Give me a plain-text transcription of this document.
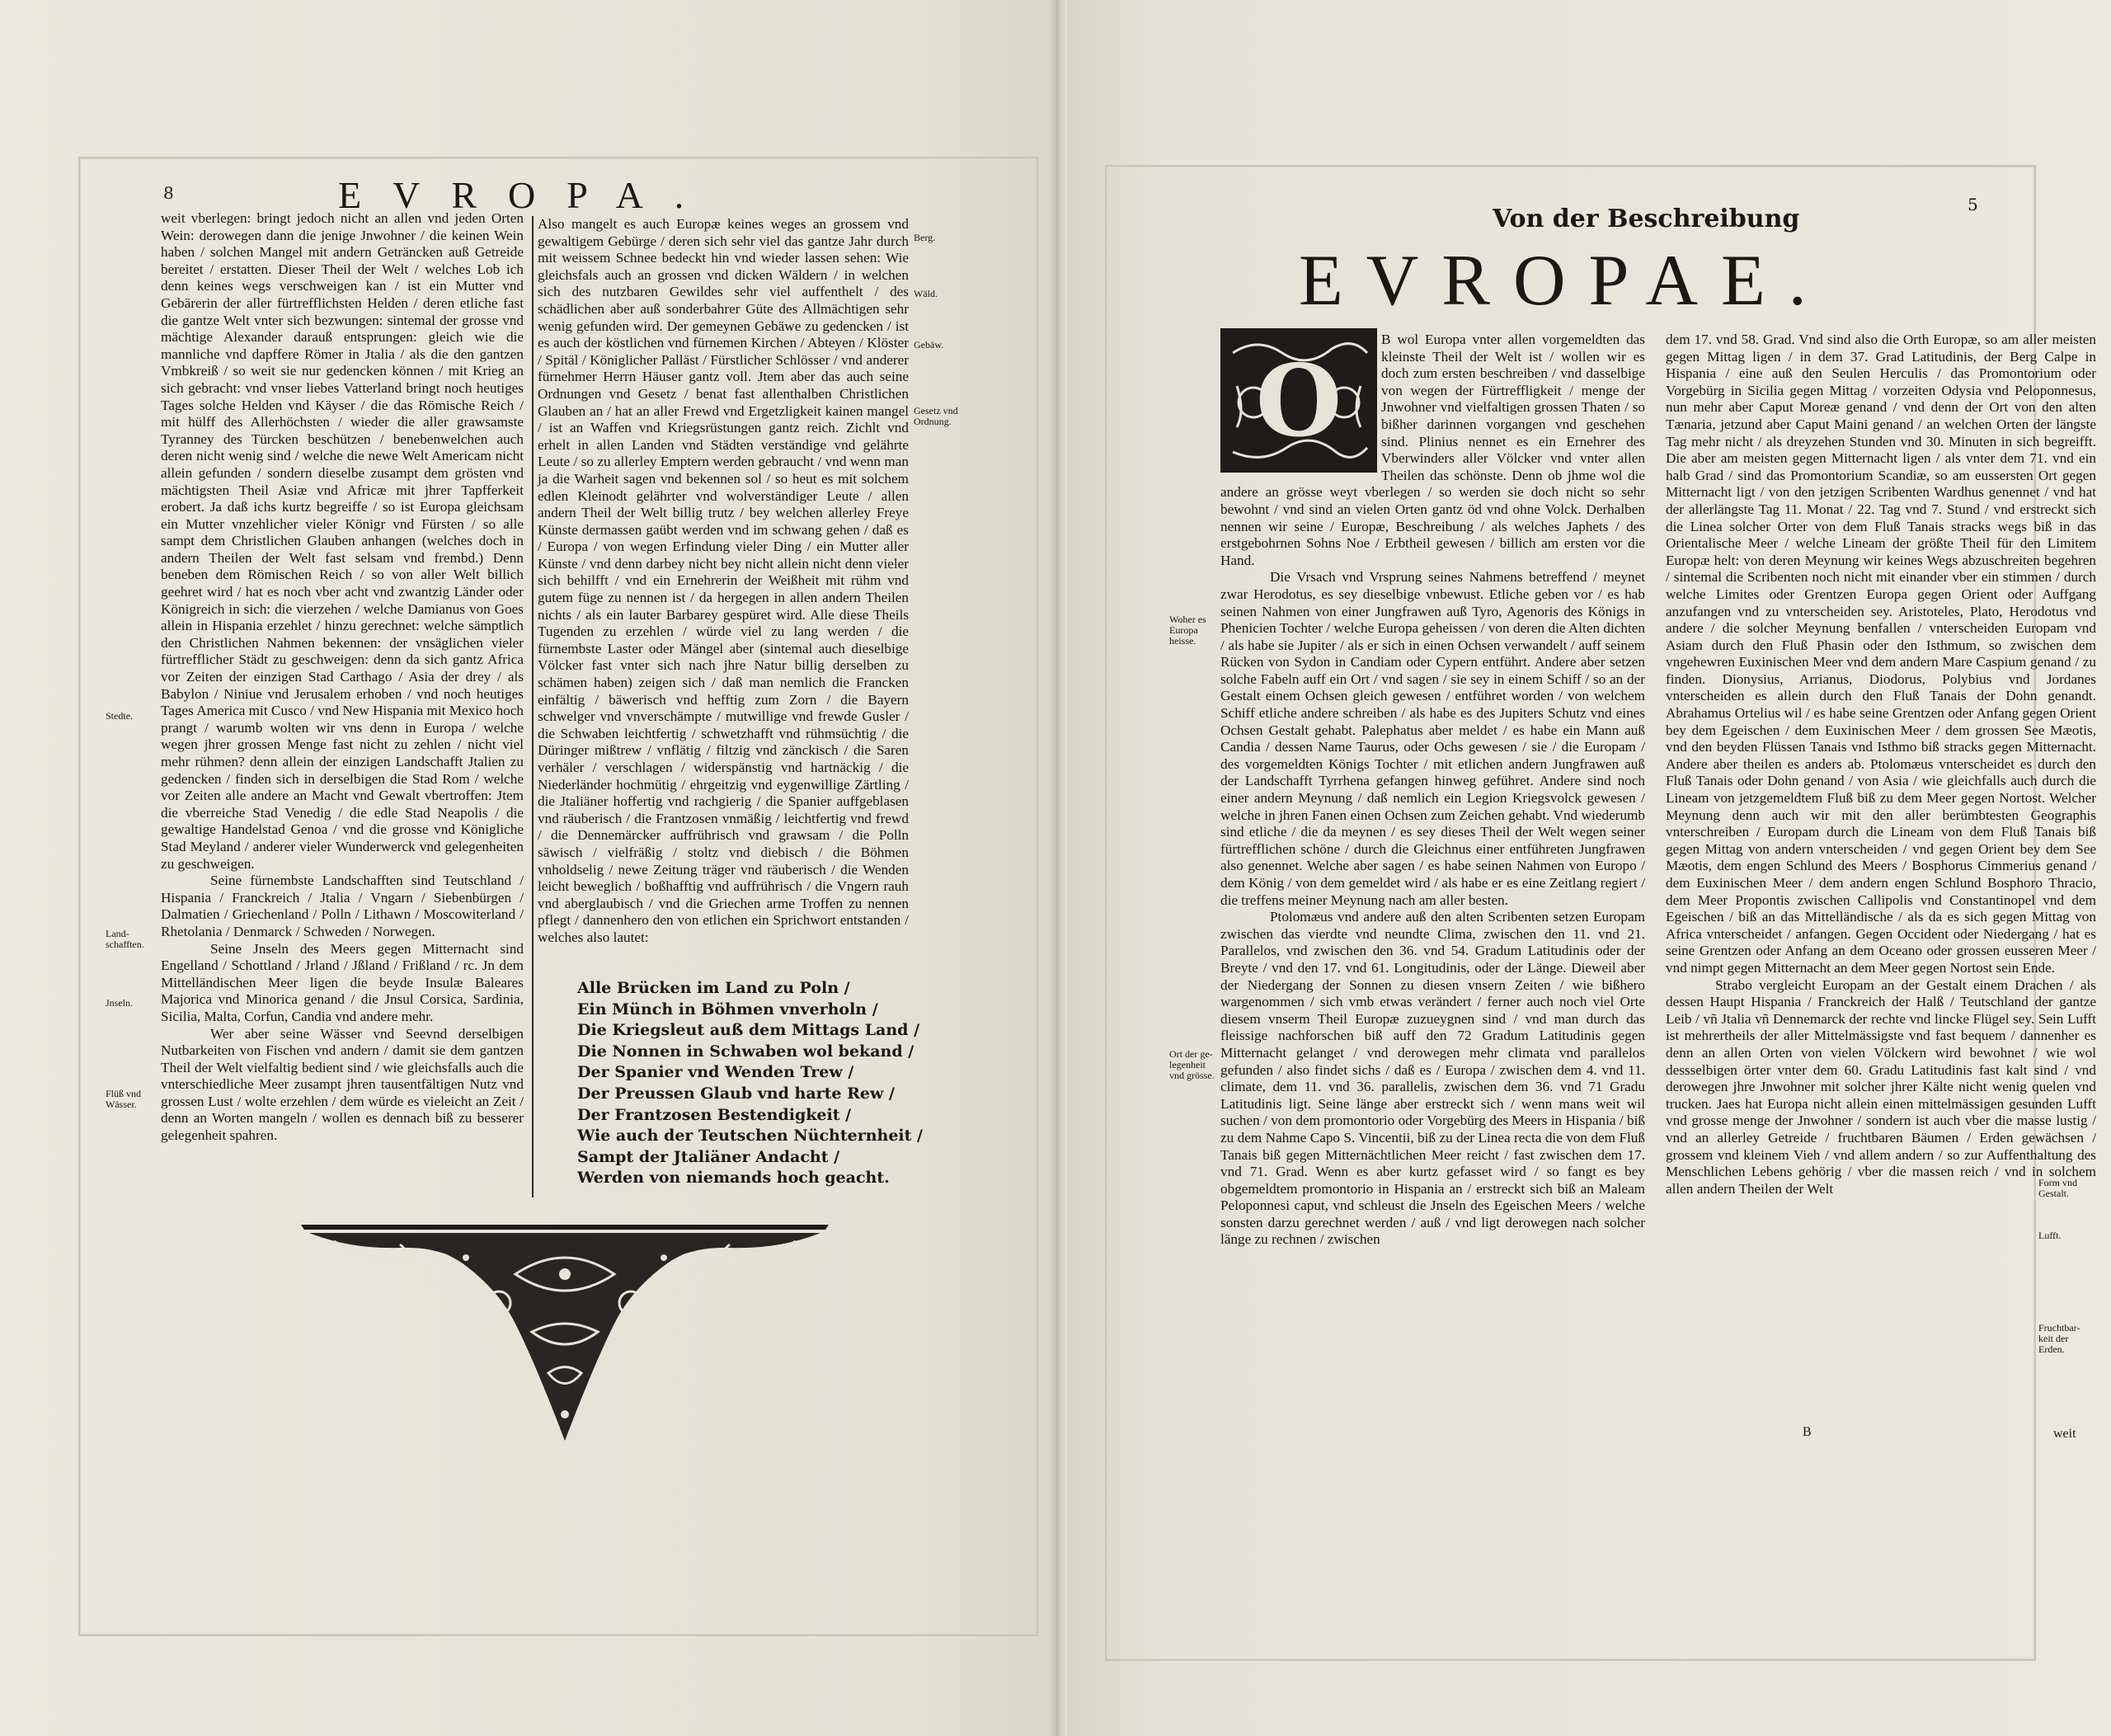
8	EVROPA.

weit vberlegen: bringt jedoch nicht an allen vnd jeden Orten Wein: derowegen dann die jenige Jnwohner / die keinen Wein haben / solchen Mangel mit andern Geträncken auß Getreide bereitet / erstatten. Dieser Theil der Welt / welches Lob ich denn keines wegs verschweigen kan / ist ein Mutter vnd Gebärerin der aller fürtrefflichsten Helden / deren etliche fast die gantze Welt vnter sich bezwungen: sintemal der grosse vnd mächtige Alexander darauß entsprungen: gleich wie die mannliche vnd dapffere Römer in Jtalia / als die den gantzen Vmbkreiß / so weit sie nur gedencken können / mit Krieg an sich gebracht: vnd vnser liebes Vatterland bringt noch heutiges Tages solche Helden vnd Käyser / die das Römische Reich / mit hülff des Allerhöchsten / wieder die aller grawsamste Tyranney des Türcken beschützen / benebenwelchen auch deren nicht wenig sind / welche die newe Welt Americam nicht allein gefunden / sondern dieselbe zusampt dem grösten vnd mächtigsten Theil Asiæ vnd Africæ mit jhrer Tapfferkeit erobert. Ja daß ichs kurtz begreiffe / so ist Europa gleichsam ein Mutter vnzehlicher vieler Königr vnd Fürsten / so alle sampt dem Christlichen Glauben anhangen (welches doch in andern Theilen der Welt fast selsam vnd frembd.) Denn beneben dem Römischen Reich / so von aller Welt billich geehret wird / hat es noch vber acht vnd zwantzig Länder oder Königreich in sich: die vierzehen / welche Damianus von Goes allein in Hispania erzehlet / hinzu gerechnet: welche sämptlich den Christlichen Nahmen bekennen: der vnsäglichen vieler fürtrefflicher Städt zu geschweigen: denn da sich gantz Africa vor Zeiten der einzigen Stad Carthago / Asia der drey / als Babylon / Niniue vnd Jerusalem erhoben / vnd noch heutiges Tages America mit Cusco / vnd New Hispania mit Mexico hoch prangt / warumb wolten wir vns denn in Europa / welche wegen jhrer grossen Menge fast nicht zu zehlen / nicht viel mehr rühmen? denn allein der einzigen Landschafft Jtalien zu gedencken / finden sich in derselbigen die Stad Rom / welche vor Zeiten alle andere an Macht vnd Gewalt vbertroffen: Jtem die vberreiche Stad Venedig / die edle Stad Neapolis / die gewaltige Handelstad Genoa / vnd die grosse vnd Königliche Stad Meyland / anderer vieler Wunderwerck vnd gelegenheiten zu geschweigen.

Seine fürnembste Landschafften sind Teutschland / Hispania / Franckreich / Jtalia / Vngarn / Siebenbürgen / Dalmatien / Griechenland / Polln / Lithawn / Moscowiterland / Rhetolania / Denmarck / Schweden / Norwegen.

Seine Jnseln des Meers gegen Mitternacht sind Engelland / Schottland / Jrland / Jßland / Frißland / rc. Jn dem Mittelländischen Meer ligen die beyde Insulæ Baleares Majorica vnd Minorica genand / die Jnsul Corsica, Sardinia, Sicilia, Malta, Corfun, Candia vnd andere mehr.

Wer aber seine Wässer vnd Seevnd derselbigen Nutbarkeiten von Fischen vnd andern / damit sie dem gantzen Theil der Welt vielfaltig bedient sind / wie gleichsfalls auch die vnterschiedliche Meer zusampt jhren tausentfältigen Nutz vnd grossen Lust / wolte erzehlen / dem würde es vieleicht an Zeit / denn an Worten mangeln / wollen es dennach biß zu besserer gelegenheit spahren.

Also mangelt es auch Europæ keines weges an grossem vnd gewaltigem Gebürge / deren sich sehr viel das gantze Jahr durch mit weissem Schnee bedeckt hin vnd wieder lassen sehen: Wie gleichsfals auch an grossen vnd dicken Wäldern / in welchen sich des nutzbaren Gewildes sehr viel auffenthelt / des schädlichen aber auß sonderbahrer Güte des Allmächtigen sehr wenig gefunden wird. Der gemeynen Gebäwe zu gedencken / ist es auch der köstlichen vnd fürnemen Kirchen / Abteyen / Klöster / Spitäl / Königlicher Palläst / Fürstlicher Schlösser / vnd anderer fürnehmer Herrn Häuser gantz voll. Jtem aber das auch seine Ordnungen vnd Gesetz / benat fast allenthalben Christlichen Glauben an / hat an aller Frewd vnd Ergetzligkeit kainen mangel / ist an Waffen vnd Kriegsrüstungen gantz reich. Zichlt vnd erhelt in allen Landen vnd Städten verständige vnd gelährte Leute / so zu allerley Emptern werden gebraucht / vnd wenn man ja die Warheit sagen vnd bekennen sol / so heut es mit solchem edlen Kleinodt gelährter vnd wolverständiger Leute / allen andern Theil der Welt billig trutz / bey welchen allerley Freye Künste dermassen gaübt werden vnd im schwang gehen / daß es / Europa / von wegen Erfindung vieler Ding / ein Mutter aller Künste / vnd denn darbey nicht bey nicht allein nicht denn vieler sich behilfft / vnd ein Ernehrerin der Weißheit mit rühm vnd gutem füge zu nennen ist / da hergegen in allen andern Theilen nichts / als ein lauter Barbarey gespüret wird. Alle diese Theils Tugenden zu erzehlen / würde viel zu lang werden / die fürnembste Laster oder Mängel aber (sintemal auch dieselbige Völcker fast vnter sich nach jhre Natur billig derselben zu schämen haben) zeigen sich / daß man nemlich die Francken einfältig / bäwerisch vnd hefftig zum Zorn / die Bayern schwelger vnd vnverschämpte / mutwillige vnd frewde Gusler / die Schwaben leichtfertig / schwetzhafft vnd rühmsüchtig / die Düringer mißtrew / vnflätig / filtzig vnd zänckisch / die Saren verhäler / verschlagen / widerspänstig vnd hartnäckig / die Niederländer hochmütig / ehrgeitzig vnd eygenwillige Zärtling / die Jtaliäner hoffertig vnd rachgierig / die Spanier auffgeblasen vnd räuberisch / die Frantzosen vnmäßig / leichtfertig vnd frewd / die Dennemärcker auffrührisch vnd grawsam / die Polln säwisch / vielfräßig / stoltz vnd diebisch / die Böhmen vnholdselig / newe Zeitung träger vnd räuberisch / die Wenden leicht beweglich / boßhafftig vnd auffrührisch / die Vngern rauh vnd aberglaubisch / vnd die Griechen arme Troffen zu nennen pflegt / dannenhero den von etlichen ein Sprichwort entstanden / welches also lautet:

Stedte.
Land-
schafften.
Jnseln.
Flüß vnd
Wässer.
Berg.
Wäld.
Gebäw.
Gesetz vnd
Ordnung.
Alle Brücken im Land zu Poln /
Ein Münch in Böhmen vnverholn /
Die Kriegsleut auß dem Mittags Land /
Die Nonnen in Schwaben wol bekand /
Der Spanier vnd Wenden Trew /
Der Preussen Glaub vnd harte Rew /
Der Frantzosen Bestendigkeit /
Wie auch der Teutschen Nüchternheit /
Sampt der Jtaliäner Andacht /
Werden von niemands hoch geacht.
5
Von der Beschreibung
EVROPAE.
O

B wol Europa vnter allen vorgemeldten das kleinste Theil der Welt ist / wollen wir es doch zum ersten beschreiben / vnd dasselbige von wegen der Fürtreffligkeit / menge der Jnwohner vnd vielfaltigen grossen Thaten / so bißher darinnen vorgangen vnd geschehen sind. Plinius nennet es ein Ernehrer des Vberwinders aller Völcker vnd vnter allen Theilen das schönste. Denn ob jhme wol die andere an grösse weyt vberlegen / so werden sie doch nicht so sehr bewohnt / vnd sind an vielen Orten gantz öd vnd ohne Volck. Derhalben nennen wir seine / Europæ, Beschreibung / als welches Japhets / des erstgebohrnen Sohns Noe / Erbtheil gewesen / billich am ersten vor die Hand.

Die Vrsach vnd Vrsprung seines Nahmens betreffend / meynet zwar Herodotus, es sey dieselbige vnbewust. Etliche geben vor / es hab seinen Nahmen von einer Jungfrawen auß Tyro, Agenoris des Königs in Phenicien Tochter / welche Europa geheissen / von deren die Alten dichten / als habe sie Jupiter / als er sich in einen Ochsen verwandelt / auff seinem Rücken von Sydon in Candiam oder Cypern entführt. Andere aber setzen solche Fabeln auff ein Ort / vnd sagen / sie sey in einem Schiff / so an der Gestalt einem Ochsen gleich gewesen / entführet worden / von welchem Schiff etliche andere schreiben / als habe es des Jupiters Schutz vnd eines Ochsen Gestalt gehabt. Palephatus aber meldet / es habe ein Mann auß Candia / dessen Name Taurus, oder Ochs gewesen / sie / die Europam / des vorgemeldten Königs Tochter / mit etlichen andern Jungfrawen auß der Landschafft Tyrrhena gefangen hinweg geführet. Andere sind noch einer andern Meynung / daß nemlich ein Legion Kriegsvolck gewesen / welche in jhren Fanen einen Ochsen zum Zeichen gehabt. Vnd wiederumb sind etliche / die da meynen / es sey dieses Theil der Welt wegen seiner fürtrefflichen schöne / durch die Gleichnus einer entführeten Jungfrawen also genennet. Welche aber sagen / es habe seinen Nahmen von Europo / dem König / von dem gemeldet wird / als habe er es eine Zeitlang regiert / die treffens meiner Meynung nach am aller besten.

Ptolomæus vnd andere auß den alten Scribenten setzen Europam zwischen das vierdte vnd neundte Clima, zwischen den 11. vnd 21. Parallelos, vnd zwischen den 36. vnd 54. Gradum Latitudinis oder der Breyte / vnd den 17. vnd 61. Longitudinis, oder der Länge. Dieweil aber der Niedergang der Sonnen zu diesen vnsern Zeiten / wie bißhero wargenommen / sich vmb etwas verändert / ferner auch noch viel Orte diesem vnserm Theil Europæ zuzueygnen sind / vnd man durch das fleissige nachforschen biß auff den 72 Gradum Latitudinis gegen Mitternacht gelanget / vnd derowegen mehr climata vnd parallelos gefunden / also findet sichs / daß es / Europa / zwischen dem 4. vnd 11. climate, dem 11. vnd 36. parallelis, zwischen dem 36. vnd 71 Gradu Latitudinis ligt. Seine länge aber erstreckt sich / wenn mans weit wil suchen / von dem promontorio oder Vorgebürg des Meers in Hispania / biß zu dem Nahme Capo S. Vincentii, biß zu der Linea recta die von dem Fluß Tanais biß gegen Mitternächtlichen Meer reicht / fast zwischen dem 17. vnd 71. Grad. Wenn es aber kurtz gefasset wird / so fangt es bey obgemeldtem promontorio in Hispania an / erstreckt sich biß an Maleam Peloponnesi caput, vnd schleust die Jnseln des Egeischen Meers / welche sonsten darzu gerechnet werden / auß / vnd ligt derowegen nach solcher länge zu rechnen / zwischen

dem 17. vnd 58. Grad. Vnd sind also die Orth Europæ, so am aller meisten gegen Mittag ligen / in dem 37. Grad Latitudinis, der Berg Calpe in Hispania / eine auß den Seulen Herculis / das Promontorium oder Vorgebürg in Sicilia gegen Mittag / vorzeiten Odysia vnd Peloponnesus, nun mehr aber Caput Moreæ genand / vnd denn der Ort von den alten Tænaria, jetzund aber Caput Maini genand / an welchen Orten der längste Tag mehr nicht / als dreyzehen Stunden vnd 30. Minuten in sich begreifft. Die aber am meisten gegen Mitternacht ligen / als vnter dem 71. vnd ein halb Grad / sind das Promontorium Scandiæ, so am eussersten Ort gegen Mitternacht ligt / von den jetzigen Scribenten Wardhus genennet / vnd hat der allerlängste Tag 11. Monat / 22. Tag vnd 7. Stund / vnd erstreckt sich die Linea solcher Orter von dem Fluß Tanais stracks wegs biß in das Orientalische Meer / welche Lineam der größte Theil für den Limitem Europæ helt: von deren Meynung wir keines Wegs abzuschreiten begehren / sintemal die Scribenten noch nicht mit einander vber ein stimmen / durch welche Limites oder Grentzen Europa gegen Orient oder Auffgang anzufangen vnd zu vnterscheiden sey. Aristoteles, Plato, Herodotus vnd andere / die solcher Meynung benfallen / vnterscheiden Europam vnd Asiam durch den Fluß Phasin oder den Isthmum, so zwischen dem vngehewren Euxinischen Meer vnd dem andern Mare Caspium genand / zu finden. Dionysius, Arrianus, Diodorus, Polybius vnd Jordanes vnterscheiden es allein durch den Fluß Tanais der Dohn genandt. Abrahamus Ortelius wil / es habe seine Grentzen oder Anfang gegen Orient bey dem Egeischen / dem Euxinischen Meer / dem grossen See Mæotis, vnd den beyden Flüssen Tanais vnd Isthmo biß stracks gegen Mitternacht. Andere aber theilen es anders ab. Ptolomæus vnterscheidet es durch den Fluß Tanais oder Dohn genand / von Asia / wie gleichfalls auch durch die Lineam von jetzgemeldtem Fluß biß zu dem Meer gegen Nortost. Welcher Meynung denn auch wir mit den aller berümbtesten Geographis vnterschreiben / Europam durch die Lineam von dem Fluß Tanais biß gegen Mittag von andern vnterscheiden / vnd gegen Orient bey dem See Mæotis, dem engen Schlund des Meers / Bosphorus Cimmerius genand / dem Euxinischen Meer / dem andern engen Schlund Bosphoro Thracio, dem Meer Propontis zwischen Callipolis vnd Constantinopel vnd dem Egeischen / biß an das Mittelländische / als da es sich gegen Mittag von Africa vnterscheidet / anfangen. Gegen Occident oder Niedergang / hat es seine Grentzen oder Anfang an dem Oceano oder grossen eusseren Meer / vnd nimpt gegen Mitternacht an dem Meer gegen Nortost sein Ende.

Strabo vergleicht Europam an der Gestalt einem Drachen / als dessen Haupt Hispania / Franckreich der Halß / Teutschland der gantze Leib / vñ Jtalia vñ Dennemarck der rechte vnd lincke Flügel sey. Sein Lufft ist mehrertheils der aller Mittelmässigste vnd fast bequem / dannenher es denn an allen Orten von vielen Völckern wird bewohnet / wie wol dessselbigen örter vnter dem 60. Gradu Latitudinis fast kalt sind / vnd derowegen jhre Jnwohner mit solcher jhrer Kälte nicht wenig quelen vnd trucken. Jaes hat Europa nicht allein einen mittelmässigen gesunden Lufft vnd grosse menge der Jnwohner / sondern ist auch vber die masse lustig / vnd an allerley Getreide / fruchtbaren Bäumen / Erden gewächsen / grossem vnd kleinem Vieh / vnd allem andern / so zur Auffenthaltung des Menschlichen Lebens gehörig / vber die massen reich / vnd in solchem allen andern Theilen der Welt

B	weit
Woher es
Europa
heisse.
Ort der ge-
legenheit
vnd grösse.
Form vnd
Gestalt.
Lufft.
Fruchtbar-
keit der
Erden.
